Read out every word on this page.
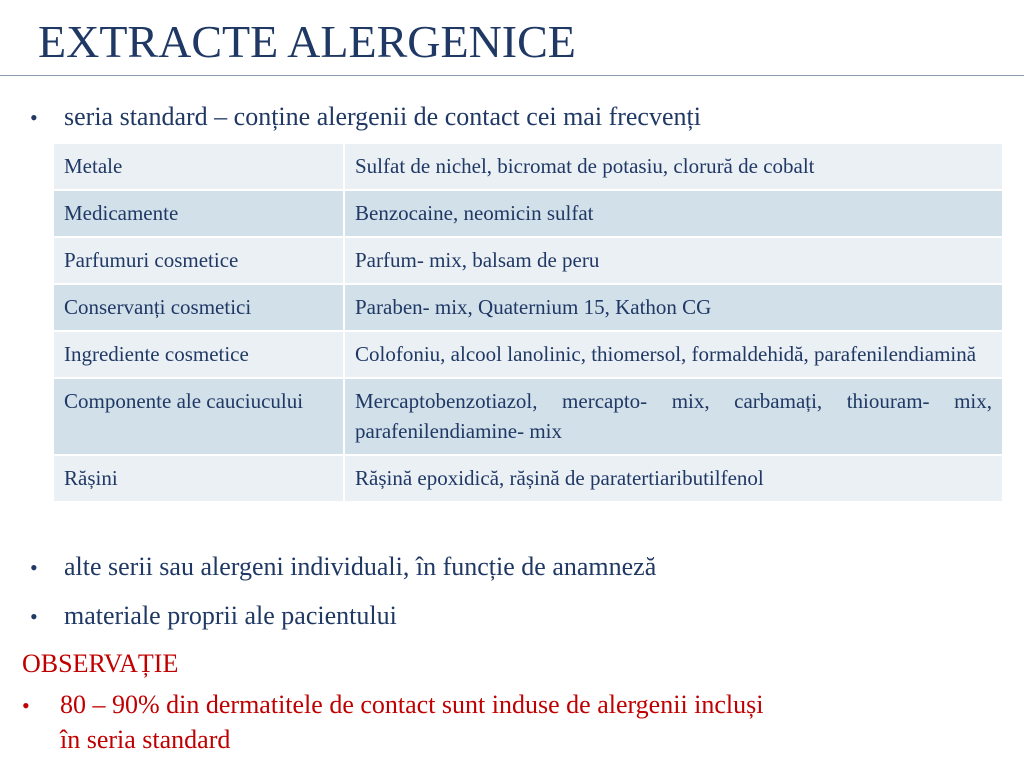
EXTRACTE ALERGENICE
• seria standard – conține alergenii de contact cei mai frecvenți
Metale	Sulfat de nichel, bicromat de potasiu, clorură de cobalt
Medicamente	Benzocaine, neomicin sulfat
Parfumuri cosmetice	Parfum- mix, balsam de peru
Conservanți cosmetici	Paraben- mix, Quaternium 15, Kathon CG
Ingrediente cosmetice	Colofoniu, alcool lanolinic, thiomersol, formaldehidă, parafenilendiamină
Componente ale cauciucului	Mercaptobenzotiazol, mercapto- mix, carbamați, thiouram- mix, parafenilendiamine- mix
Rășini	Rășină epoxidică, rășină de paratertiaributilfenol
• alte serii sau alergeni individuali, în funcție de anamneză
• materiale proprii ale pacientului
OBSERVAȚIE
• 80 – 90% din dermatitele de contact sunt induse de alergenii incluși
în seria standard
